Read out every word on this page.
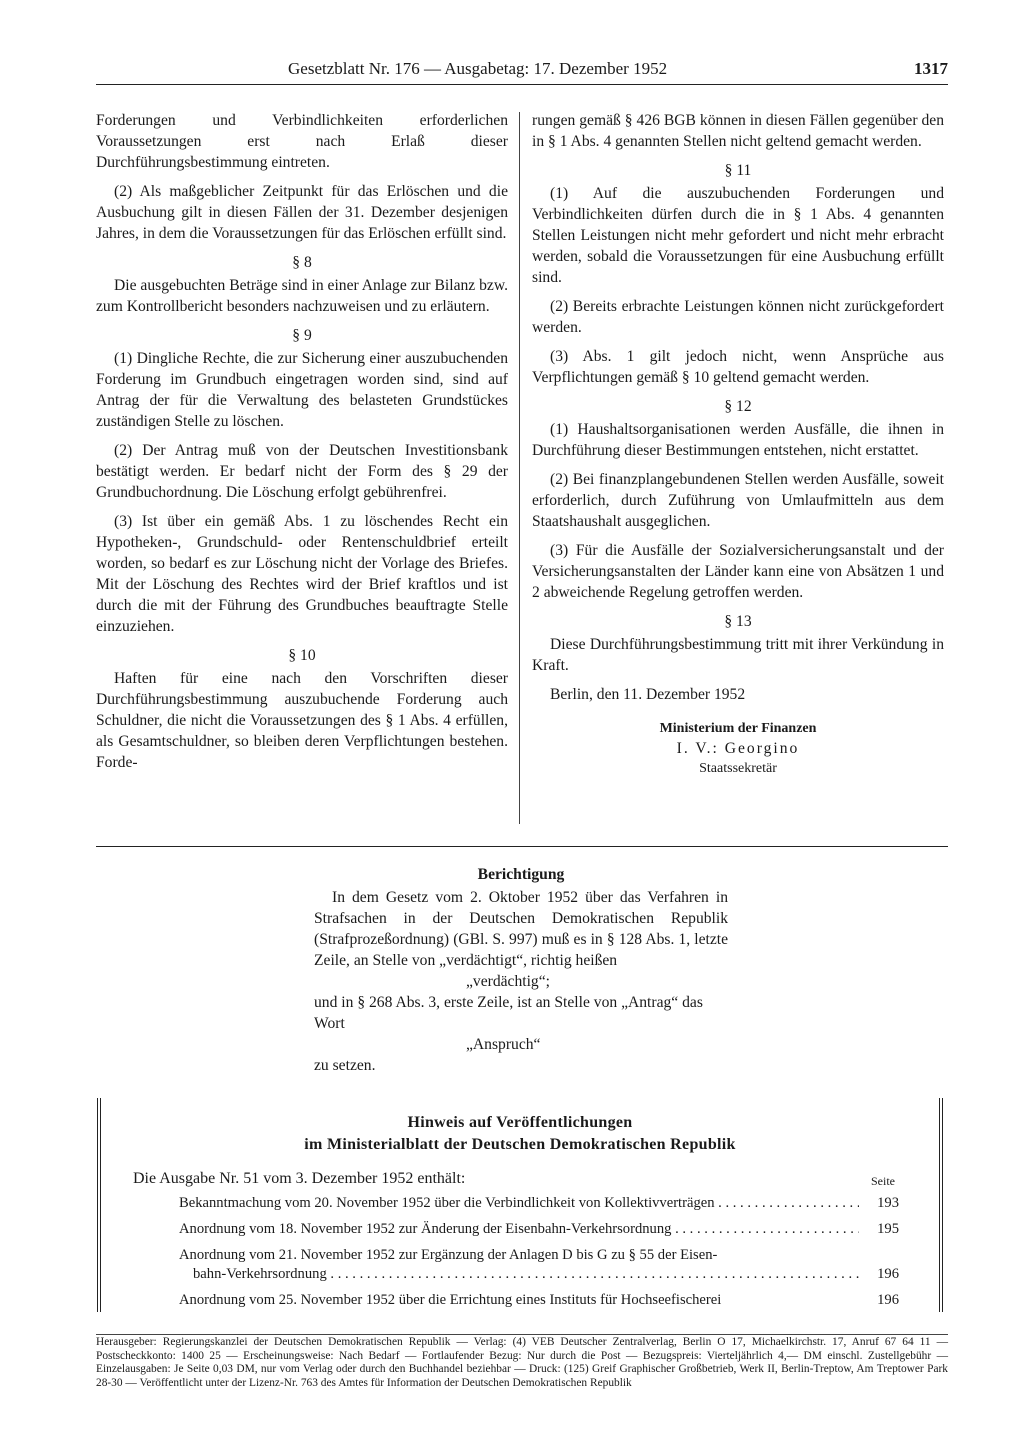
Gesetzblatt Nr. 176 — Ausgabetag: 17. Dezember 1952	1317

Forderungen und Verbindlichkeiten erforderlichen Voraussetzungen erst nach Erlaß dieser Durchführungsbestimmung eintreten.

(2) Als maßgeblicher Zeitpunkt für das Erlöschen und die Ausbuchung gilt in diesen Fällen der 31. Dezember desjenigen Jahres, in dem die Voraussetzungen für das Erlöschen erfüllt sind.

§ 8

Die ausgebuchten Beträge sind in einer Anlage zur Bilanz bzw. zum Kontrollbericht besonders nachzuweisen und zu erläutern.

§ 9

(1) Dingliche Rechte, die zur Sicherung einer auszubuchenden Forderung im Grundbuch eingetragen worden sind, sind auf Antrag der für die Verwaltung des belasteten Grundstückes zuständigen Stelle zu löschen.

(2) Der Antrag muß von der Deutschen Investitionsbank bestätigt werden. Er bedarf nicht der Form des § 29 der Grundbuchordnung. Die Löschung erfolgt gebührenfrei.

(3) Ist über ein gemäß Abs. 1 zu löschendes Recht ein Hypotheken-, Grundschuld- oder Rentenschuldbrief erteilt worden, so bedarf es zur Löschung nicht der Vorlage des Briefes. Mit der Löschung des Rechtes wird der Brief kraftlos und ist durch die mit der Führung des Grundbuches beauftragte Stelle einzuziehen.

§ 10

Haften für eine nach den Vorschriften dieser Durchführungsbestimmung auszubuchende Forderung auch Schuldner, die nicht die Voraussetzungen des § 1 Abs. 4 erfüllen, als Gesamtschuldner, so bleiben deren Verpflichtungen bestehen. Forde-

rungen gemäß § 426 BGB können in diesen Fällen gegenüber den in § 1 Abs. 4 genannten Stellen nicht geltend gemacht werden.

§ 11

(1) Auf die auszubuchenden Forderungen und Verbindlichkeiten dürfen durch die in § 1 Abs. 4 genannten Stellen Leistungen nicht mehr gefordert und nicht mehr erbracht werden, sobald die Voraussetzungen für eine Ausbuchung erfüllt sind.

(2) Bereits erbrachte Leistungen können nicht zurückgefordert werden.

(3) Abs. 1 gilt jedoch nicht, wenn Ansprüche aus Verpflichtungen gemäß § 10 geltend gemacht werden.

§ 12

(1) Haushaltsorganisationen werden Ausfälle, die ihnen in Durchführung dieser Bestimmungen entstehen, nicht erstattet.

(2) Bei finanzplangebundenen Stellen werden Ausfälle, soweit erforderlich, durch Zuführung von Umlaufmitteln aus dem Staatshaushalt ausgeglichen.

(3) Für die Ausfälle der Sozialversicherungsanstalt und der Versicherungsanstalten der Länder kann eine von Absätzen 1 und 2 abweichende Regelung getroffen werden.

§ 13

Diese Durchführungsbestimmung tritt mit ihrer Verkündung in Kraft.

Berlin, den 11. Dezember 1952
Ministerium der Finanzen
I. V.: Georgino
Staatssekretär
Berichtigung

In dem Gesetz vom 2. Oktober 1952 über das Verfahren in Strafsachen in der Deutschen Demokratischen Republik (Strafprozeßordnung) (GBl. S. 997) muß es in § 128 Abs. 1, letzte Zeile, an Stelle von „verdächtigt“, richtig heißen

„verdächtig“;
und in § 268 Abs. 3, erste Zeile, ist an Stelle von „Antrag“ das Wort
„Anspruch“
zu setzen.
Hinweis auf Veröffentlichungen
im Ministerialblatt der Deutschen Demokratischen Republik
Die Ausgabe Nr. 51 vom 3. Dezember 1952 enthält:	Seite
Bekanntmachung vom 20. November 1952 über die Verbindlichkeit von Kollektivverträgen . . .	193
Anordnung vom 18. November 1952 zur Änderung der Eisenbahn-Verkehrsordnung . . .	195
Anordnung vom 21. November 1952 zur Ergänzung der Anlagen D bis G zu § 55 der Eisen-
bahn-Verkehrsordnung . . .	196
Anordnung vom 25. November 1952 über die Errichtung eines Instituts für Hochseefischerei	196
Herausgeber: Regierungskanzlei der Deutschen Demokratischen Republik — Verlag: (4) VEB Deutscher Zentralverlag, Berlin O 17, Michaelkirchstr. 17, Anruf 67 64 11 — Postscheckkonto: 1400 25 — Erscheinungsweise: Nach Bedarf — Fortlaufender Bezug: Nur durch die Post — Bezugspreis: Vierteljährlich 4,— DM einschl. Zustellgebühr — Einzelausgaben: Je Seite 0,03 DM, nur vom Verlag oder durch den Buchhandel beziehbar — Druck: (125) Greif Graphischer Großbetrieb, Werk II, Berlin-Treptow, Am Treptower Park 28-30 — Veröffentlicht unter der Lizenz-Nr. 763 des Amtes für Information der Deutschen Demokratischen Republik
